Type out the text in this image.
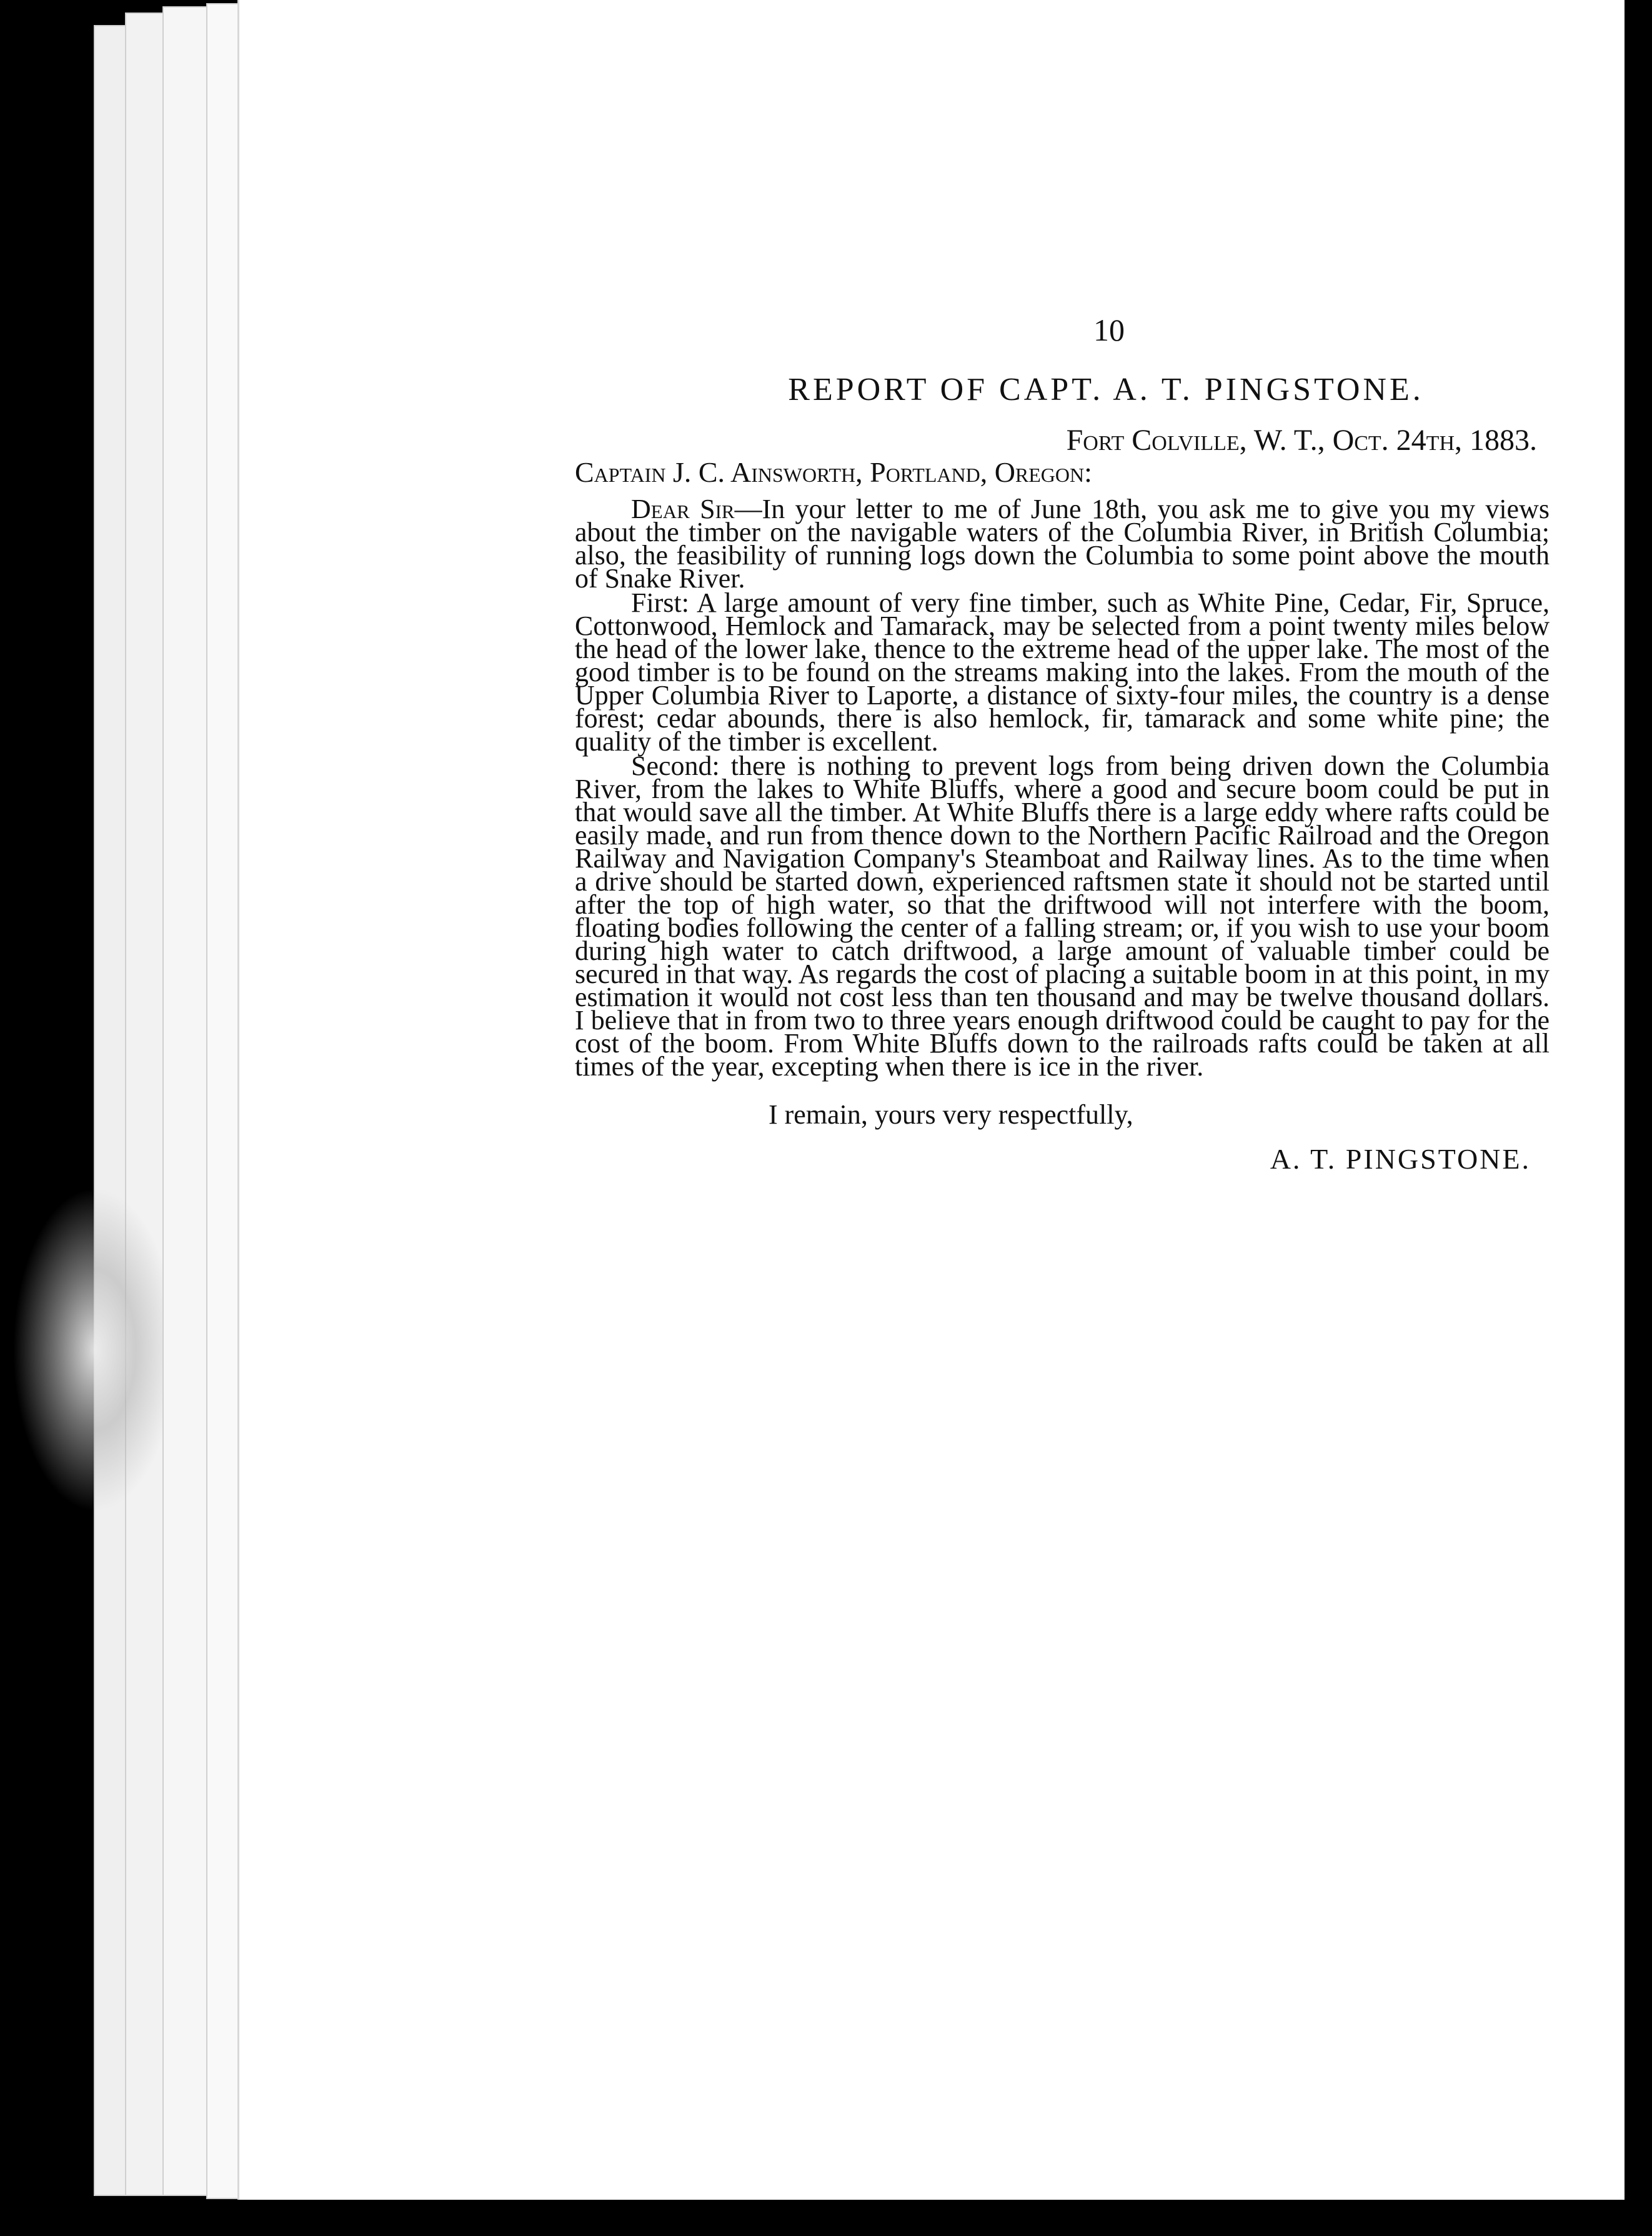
10
REPORT OF CAPT. A. T. PINGSTONE.
Fort Colville, W. T., Oct. 24th, 1883.
Captain J. C. Ainsworth, Portland, Oregon:

Dear Sir—In your letter to me of June 18th, you ask me to give you my views about the timber on the navigable waters of the Columbia River, in British Columbia; also, the feasibility of running logs down the Columbia to some point above the mouth of Snake River.

First: A large amount of very fine timber, such as White Pine, Cedar, Fir, Spruce, Cottonwood, Hemlock and Tamarack, may be selected from a point twenty miles below the head of the lower lake, thence to the extreme head of the upper lake. The most of the good timber is to be found on the streams making into the lakes. From the mouth of the Upper Columbia River to Laporte, a distance of sixty-four miles, the country is a dense forest; cedar abounds, there is also hemlock, fir, tamarack and some white pine; the quality of the timber is excellent.

Second: there is nothing to prevent logs from being driven down the Columbia River, from the lakes to White Bluffs, where a good and secure boom could be put in that would save all the timber. At White Bluffs there is a large eddy where rafts could be easily made, and run from thence down to the Northern Pacific Railroad and the Oregon Railway and Navigation Company's Steamboat and Railway lines. As to the time when a drive should be started down, experienced raftsmen state it should not be started until after the top of high water, so that the driftwood will not interfere with the boom, floating bodies following the center of a falling stream; or, if you wish to use your boom during high water to catch driftwood, a large amount of valuable timber could be secured in that way. As regards the cost of placing a suitable boom in at this point, in my estimation it would not cost less than ten thousand and may be twelve thousand dollars. I believe that in from two to three years enough driftwood could be caught to pay for the cost of the boom. From White Bluffs down to the railroads rafts could be taken at all times of the year, excepting when there is ice in the river.

I remain, yours very respectfully,
A. T. PINGSTONE.
